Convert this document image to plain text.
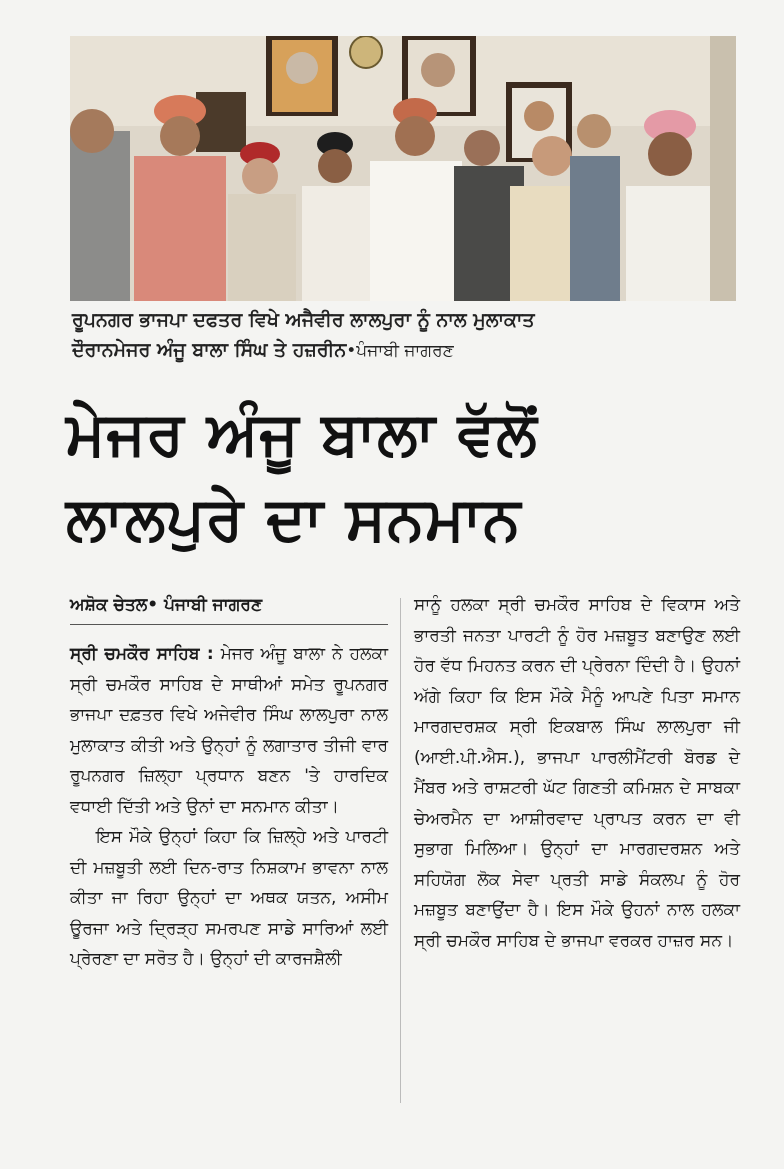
ਰੂਪਨਗਰ ਭਾਜਪਾ ਦਫਤਰ ਵਿਖੇ ਅਜੈਵੀਰ ਲਾਲਪੁਰਾ ਨੂੰ ਨਾਲ ਮੁਲਾਕਾਤ
ਦੌਰਾਨਮੇਜਰ ਅੰਜੂ ਬਾਲਾ ਸਿੰਘ ਤੇ ਹਜ਼ਰੀਨ•ਪੰਜਾਬੀ ਜਾਗਰਣ
ਮੇਜਰ ਅੰਜੂ ਬਾਲਾ ਵੱਲੋਂ
ਲਾਲਪੁਰੇ ਦਾ ਸਨਮਾਨ
ਅਸ਼ੋਕ ਚੇਤਲ• ਪੰਜਾਬੀ ਜਾਗਰਣ

ਸ੍ਰੀ ਚਮਕੌਰ ਸਾਹਿਬ : ਮੇਜਰ ਅੰਜੂ ਬਾਲਾ ਨੇ ਹਲਕਾ ਸ੍ਰੀ ਚਮਕੌਰ ਸਾਹਿਬ ਦੇ ਸਾਥੀਆਂ ਸਮੇਤ ਰੂਪਨਗਰ ਭਾਜਪਾ ਦਫ਼ਤਰ ਵਿਖੇ ਅਜੇਵੀਰ ਸਿੰਘ ਲਾਲਪੁਰਾ ਨਾਲ ਮੁਲਾਕਾਤ ਕੀਤੀ ਅਤੇ ਉਨ੍ਹਾਂ ਨੂੰ ਲਗਾਤਾਰ ਤੀਜੀ ਵਾਰ ਰੂਪਨਗਰ ਜ਼ਿਲ੍ਹਾ ਪ੍ਰਧਾਨ ਬਣਨ 'ਤੇ ਹਾਰਦਿਕ ਵਧਾਈ ਦਿੱਤੀ ਅਤੇ ਉਨਾਂ ਦਾ ਸਨਮਾਨ ਕੀਤਾ।

ਇਸ ਮੌਕੇ ਉਨ੍ਹਾਂ ਕਿਹਾ ਕਿ ਜ਼ਿਲ੍ਹੇ ਅਤੇ ਪਾਰਟੀ ਦੀ ਮਜ਼ਬੂਤੀ ਲਈ ਦਿਨ-ਰਾਤ ਨਿਸ਼ਕਾਮ ਭਾਵਨਾ ਨਾਲ ਕੀਤਾ ਜਾ ਰਿਹਾ ਉਨ੍ਹਾਂ ਦਾ ਅਥਕ ਯਤਨ, ਅਸੀਮ ਊਰਜਾ ਅਤੇ ਦ੍ਰਿੜ੍ਹ ਸਮਰਪਣ ਸਾਡੇ ਸਾਰਿਆਂ ਲਈ ਪ੍ਰੇਰਣਾ ਦਾ ਸਰੋਤ ਹੈ। ਉਨ੍ਹਾਂ ਦੀ ਕਾਰਜਸ਼ੈਲੀ

ਸਾਨੂੰ ਹਲਕਾ ਸ੍ਰੀ ਚਮਕੌਰ ਸਾਹਿਬ ਦੇ ਵਿਕਾਸ ਅਤੇ ਭਾਰਤੀ ਜਨਤਾ ਪਾਰਟੀ ਨੂੰ ਹੋਰ ਮਜ਼ਬੂਤ ਬਣਾਉਣ ਲਈ ਹੋਰ ਵੱਧ ਮਿਹਨਤ ਕਰਨ ਦੀ ਪ੍ਰੇਰਨਾ ਦਿੰਦੀ ਹੈ। ਉਹਨਾਂ ਅੱਗੇ ਕਿਹਾ ਕਿ ਇਸ ਮੌਕੇ ਮੈਨੂੰ ਆਪਣੇ ਪਿਤਾ ਸਮਾਨ ਮਾਰਗਦਰਸ਼ਕ ਸ੍ਰੀ ਇਕਬਾਲ ਸਿੰਘ ਲਾਲਪੁਰਾ ਜੀ (ਆਈ.ਪੀ.ਐਸ.), ਭਾਜਪਾ ਪਾਰਲੀਮੈਂਟਰੀ ਬੋਰਡ ਦੇ ਮੈਂਬਰ ਅਤੇ ਰਾਸ਼ਟਰੀ ਘੱਟ ਗਿਣਤੀ ਕਮਿਸ਼ਨ ਦੇ ਸਾਬਕਾ ਚੇਅਰਮੈਨ ਦਾ ਆਸ਼ੀਰਵਾਦ ਪ੍ਰਾਪਤ ਕਰਨ ਦਾ ਵੀ ਸੁਭਾਗ ਮਿਲਿਆ। ਉਨ੍ਹਾਂ ਦਾ ਮਾਰਗਦਰਸ਼ਨ ਅਤੇ ਸਹਿਯੋਗ ਲੋਕ ਸੇਵਾ ਪ੍ਰਤੀ ਸਾਡੇ ਸੰਕਲਪ ਨੂੰ ਹੋਰ ਮਜ਼ਬੂਤ ਬਣਾਉਂਦਾ ਹੈ। ਇਸ ਮੌਕੇ ਉਹਨਾਂ ਨਾਲ ਹਲਕਾ ਸ੍ਰੀ ਚਮਕੌਰ ਸਾਹਿਬ ਦੇ ਭਾਜਪਾ ਵਰਕਰ ਹਾਜ਼ਰ ਸਨ।
